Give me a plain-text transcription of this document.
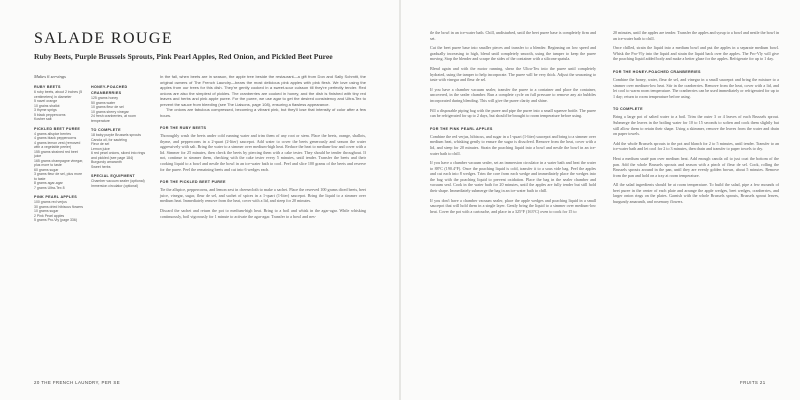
SALADE ROUGE
Ruby Beets, Purple Brussels Sprouts, Pink Pearl Apples, Red Onion, and Pickled Beet Puree
Makes 6 servings
RUBY BEETS
6 ruby beets, about 2 inches (5 centimeters) in diameter
5 navel orange
10 grains shallot
3 thyme sprigs
5 black peppercorns
Kosher salt
PICKLED BEET PUREE
4 grams allspice berries
4 grams black peppercorns
4 grams lemon zest (removed with a vegetable peeler)
155 grams strained red beet juice
165 grams champagne vinegar, plus more to taste
60 grams sugar
3 grams fleur de sel, plus more to taste
8 grams agar-agar
7 grams Ultra-Tex 8
PINK PEARL APPLES
100 grams red verjus
30 grams dried hibiscus flowers
10 grams sugar
2 Pink Pearl apples
5 grams Pro-Vly (page 336)
HONEY-POACHED CRANBERRIES
125 grams honey
50 grams water
10 grams fleur de sel
10 grams sherry vinegar
24 fresh cranberries, at room temperature
TO COMPLETE
18 baby purple Brussels sprouts
Canola oil, for sautéing
Fleur de sel
Lemon juice
6 red pearl onions, sliced into rings and pickled (see page 184)
Burgundy amaranth
Sweet herbs
SPECIAL EQUIPMENT
Chamber vacuum sealer (optional)
Immersion circulator (optional)

In the fall, when beets are in season, the apple tree beside the restaurant—a gift from Don and Sally Schmitt, the original owners of The French Laundry—bears the most delicious pink apples with pink flesh. We love using the apples from our trees for this dish. They're gently cooked in a sweet-sour cuisson till they're perfectly tender. Red onions are also the simplest of pickles. The cranberries are cooked in honey, and the dish is finished with tiny red leaves and herbs and pink apple puree. For the puree, we use agar to get the desired consistency and Ultra-Tex to prevent the sauce from bleeding (see The Liaisons, page 108), ensuring a flawless appearance.

The onions are fabulous compressed, becoming a vibrant pink, but they'll lose that intensity of color after a few hours.

FOR THE RUBY BEETS

Thoroughly wash the beets under cold running water and trim them of any root or stem. Place the beets, orange, shallots, thyme, and peppercorns in a 2-quart (2-liter) saucepot. Add water to cover the beets generously and season the water aggressively with salt. Bring the water to a simmer over medium-high heat. Reduce the heat to medium-low and cover with a lid. Simmer for 25 minutes, then check the beets by piercing them with a cake tester. They should be tender throughout. If not, continue to simmer them, checking with the cake tester every 5 minutes, until tender. Transfer the beets and their cooking liquid to a bowl and nestle the bowl in an ice-water bath to cool. Peel and slice 100 grams of the beets and reserve for the puree. Peel the remaining beets and cut into 6 wedges each.

FOR THE PICKLED BEET PUREE

Tie the allspice, peppercorns, and lemon zest in cheesecloth to make a sachet. Place the reserved 100 grams diced beets, beet juice, vinegar, sugar, fleur de sel, and sachet of spices in a 1-quart (1-liter) saucepot. Bring the liquid to a simmer over medium heat. Immediately remove from the heat, cover with a lid, and steep for 20 minutes.

Discard the sachet and return the pot to medium-high heat. Bring to a boil and whisk in the agar-agar. While whisking continuously, boil vigorously for 1 minute to activate the agar-agar. Transfer to a bowl and nes-

20 THE FRENCH LAUNDRY, PER SE

tle the bowl in an ice-water bath. Chill, undisturbed, until the beet puree base is completely firm and set.

Cut the beet puree base into smaller pieces and transfer to a blender. Beginning on low speed and gradually increasing to high, blend until completely smooth, using the tamper to keep the puree moving. Stop the blender and scrape the sides of the container with a silicone spatula.

Blend again and with the motor running, shear the Ultra-Tex into the puree until completely hydrated, using the tamper to help incorporate. The puree will be very thick. Adjust the seasoning to taste with vinegar and fleur de sel.

If you have a chamber vacuum sealer, transfer the puree to a container and place the container, uncovered, in the sealer chamber. Run a complete cycle on full pressure to remove any air bubbles incorporated during blending. This will give the puree clarity and shine.

Fill a disposable piping bag with the puree and pipe the puree into a small squeeze bottle. The puree can be refrigerated for up to 2 days, but should be brought to room temperature before using.

FOR THE PINK PEARL APPLES

Combine the red verjus, hibiscus, and sugar in a 1-quart (1-liter) saucepot and bring to a simmer over medium heat, whisking gently to ensure the sugar is dissolved. Remove from the heat, cover with a lid, and steep for 20 minutes. Strain the poaching liquid into a bowl and nestle the bowl in an ice-water bath to chill.

If you have a chamber vacuum sealer, set an immersion circulator in a water bath and heat the water to 88°C (190.4°F). Once the poaching liquid is cold, transfer it to a sous vide bag. Peel the apples and cut each into 8 wedges. Trim the core from each wedge and immediately place the wedges into the bag with the poaching liquid to prevent oxidation. Place the bag in the sealer chamber and vacuum seal. Cook in the water bath for 20 minutes, until the apples are fully tender but still hold their shape. Immediately submerge the bag in an ice-water bath to chill.

If you don't have a chamber vacuum sealer, place the apple wedges and poaching liquid in a small saucepot that will hold them in a single layer. Gently bring the liquid to a simmer over medium-low heat. Cover the pot with a cartouche, and place in a 325°F (163°C) oven to cook for 15 to

20 minutes, until the apples are tender. Transfer the apples and syrup to a bowl and nestle the bowl in an ice-water bath to chill.

Once chilled, strain the liquid into a medium bowl and put the apples in a separate medium bowl. Whisk the Pro-Vly into the liquid and strain the liquid back over the apples. The Pro-Vly will give the poaching liquid added body and make a better glaze for the apples. Refrigerate for up to 1 day.

FOR THE HONEY-POACHED CRANBERRIES

Combine the honey, water, fleur de sel, and vinegar in a small saucepot and bring the mixture to a simmer over medium-low heat. Stir in the cranberries. Remove from the heat, cover with a lid, and let cool to warm room temperature. The cranberries can be used immediately or refrigerated for up to 1 day; return to room temperature before using.

TO COMPLETE

Bring a large pot of salted water to a boil. Trim the outer 3 or 4 leaves of each Brussels sprout. Submerge the leaves in the boiling water for 10 to 15 seconds to soften and cook them slightly but still allow them to retain their shape. Using a skimmer, remove the leaves from the water and drain on paper towels.

Add the whole Brussels sprouts to the pot and blanch for 2 to 5 minutes, until tender. Transfer to an ice-water bath and let cool for 2 to 3 minutes, then drain and transfer to paper towels to dry.

Heat a medium sauté pan over medium heat. Add enough canola oil to just coat the bottom of the pan. Add the whole Brussels sprouts and season with a pinch of fleur de sel. Cook, rolling the Brussels sprouts around in the pan, until they are evenly golden brown, about 5 minutes. Remove from the pan and hold on a tray at room temperature.

All the salad ingredients should be at room temperature. To build the salad, pipe a few mounds of beet puree in the center of each plate and arrange the apple wedges, beet wedges, cranberries, and larger onion rings on the plates. Garnish with the whole Brussels sprouts, Brussels sprout leaves, burgundy amaranth, and rosemary flowers.

FRUITS 21
